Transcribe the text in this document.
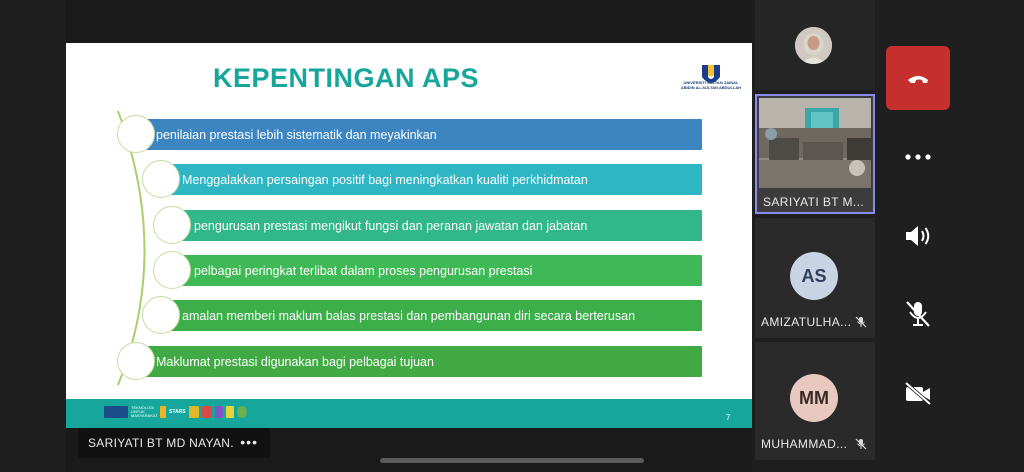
KEPENTINGAN APS	UNIVERSITI SULTAN ZAINAL ABIDIN AL-SULTAN ABDULLAH
penilaian prestasi lebih sistematik dan meyakinkan
Menggalakkan persaingan positif bagi meningkatkan kualiti perkhidmatan
pengurusan prestasi mengikut fungsi dan peranan jawatan dan jabatan
pelbagai peringkat terlibat dalam proses pengurusan prestasi
amalan memberi maklum balas prestasi dan pembangunan diri secara berterusan
Maklumat prestasi digunakan bagi pelbagai tujuan
TEKNOLOGI UNTUK MASYARAKAT
STARS
7
SARIYATI BT MD NAYAN. •••
SARIYATI BT M...
AS
AMIZATULHA...
MM
MUHAMMAD...
